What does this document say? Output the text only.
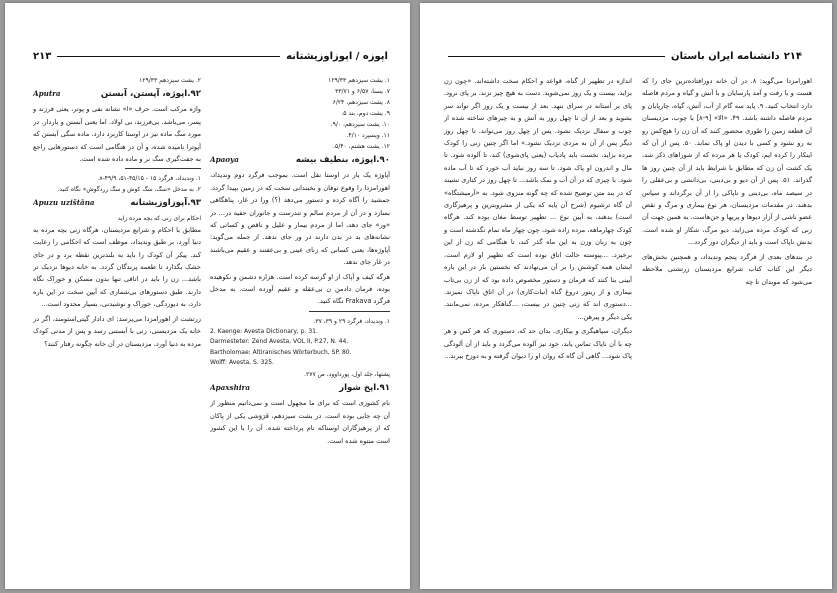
اپوزه / اپوزاوزیشتانه
۲۱۳

۱. یشت سیزدهم ۱۲۹/۳۳

۷. یسنا، ۶/۵۷ و ۳۳/۷۱

۸. یشت سیزدهم، ۶/۲۴

۹. یشت دوم، بند ۵.

۱۰. یشت سیزدهم، ۹/۰.

۱۱. ویسپرد ۴/۱۰.

۱۲. یشت هشتم، ۵/۴۰.

۹۰.اپوژه، بنطیف بیشه
Apaoya

آپاوژه یک بار در اوستا نقل است. بموجب فرگرد دوم وندیداد، اهورامزدا را وقوع توفان و بخبندانی سخت که در زمین بپیدا گردد. جمشید را آگاه کرده و دستور می‌دهد (؟) ورا در غار، پناهگاهی بسازد و در آن از مردم سالم و تندرست و جانوران حفیه در... در «ور» جای دهد، اما از مردم بیمار و علیل و ناقص و کسانی که نشانه‌های بد در بدن دارند در ور جای ندهد. از جمله می‌گوید: آپاوژه‌ها، یعنی کسانی که زنای عینی و بی‌عفتند و عقیم می‌باشند در غار جای ندهد.

هرگه کیف و آپاک از او گرسه کرده است. هزاره دشمن و نکوهیده بوده، فرمان دادمن ن بی‌عقله و عقیم آورده است. به مدخل فرگرد Frakava نگاه کنید.

۱. وندیداد، فرگرد ۲۹ و ۳۹، ۳۷.

2. Kaenge: Avesta Dictionary, p. 31.

Darmesteter: Zend Avesta, VOL II, P.27, N. 44.

Bartholomae: Altiranisches Wörterbuch, SP. 80.

Wolff: Avesta, S. 325.

پشتها، جلد اول، پورداوود، ص ۲۷۷.

۹۱.اپخ شوار
Apaxshira

نام کشوری است که برای ما مجهول است و نمی‌دانیم منظور از آن چه جایی بوده است. در یشت سیزدهم، فَرَوَشی یکی از پاکان که از پرهیزگاران اوستاکه نام پرداخته شده. آن را با این کشور است منتوه شده است.

۲. یشت سیزدهم ۱۲۹/۳۳

۹۲.اپوژه، آپستن، آبستن
Aputra

واژه مرکب است. حرف «ا» نشانه نفی و پوتر، یعنی فرزند و پسر، می‌باشد. بی‌فرزند، بی اولاد. اما یعنی آبستن و باردار. در مورد سگ ماده نیز در اوستا کاربرد دارد. ماده سگی آبستن که آپوترا نامیده شده، و آن در هنگامی است که دستورهایی راجع به جفت‌گیری سگ نر و ماده داده شده است.

۱. وندیداد، فرگرد ۱۵ - ۴۵/۱۵-۵۱، ۴۹/۹-۸.

۲. به مدخل «سگ، سگ کوش و سگ زردگوش» نگاه کنید.

۹۳.آپوزاوزیشتانه
Apuzu uzištāna

احکام برای زنی که بچه مرده زاید

مطابق با احکام و شرایع مزدیسنان، هرگاه زنی بچه مرده به دنیا آورد، بر طبق وندیداد، موظف است که احکامی را رعایت کند. پیکر آن کودک را باید به بلندترین نقطه برد و در جای خشک بگذارد تا طعمه پرندگان گردد. به خانه دیوها نزدیک تر باشد... زن را باید در اتاقی تنها بدون مسکن و خوراک نگاه دارند. طبق دستورهای بی‌شماری که آیین سخت در این باره دارد، به دیوزدگی، خوراک و نوشیدنی، بسیار محدود است...

زرتشت از اهورامزدا می‌پرسد: ای دادار گیتی‌استومند، اگر در خانه یک مزدیسنی، زنی با آبستنی رسد و پس از مدتی کودک مرده به دنیا آورد، مزدیسنان در آن خانه چگونه رفتار کنند؟

۲۱۴
دانشنامه ایران باستان

اهورامزدا می‌گوید: ۸. در آن خانه دورافتاده‌ترین جای را که هست و با رفت و آمد پارسایان و با آتش و گیاه و مردم فاصله دارد انتخاب کنید. ۹. پاید سه گام از آب، آتش، گیاه، چارپایان و مردم فاصله داشته باشد. ۴۹. «الا» [۹-۸] با چوب، مزدیسنان آن قطعه زمین را طوری محصور کنند که آن زن را هیچ‌کس رو به رو نشود و کسی با دیدن او پاک نماند. ۵۰. پس از آن که اینکار را کرده ایم، کودک یا هر مرده که از شوراهای ذکر شد، یک کشت آن زن که مطابق با شرایط باید از آن چنین روز ها گذراند. ۵۱. پس از آن دیو و بی‌دینی، بی‌دانشی و بی‌عقلی را در سیصد ماه، بی‌دینی و ناپاکی را از آن برگرداند و سپاس بدهند. در مقدمات مزدیسنان، هر نوع بیماری و مرگ و نقص عضو ناشی از آزار دیوها و پریها و جن‌هاست. به همین جهت آن زنی که کودک مرده می‌زاید، دیو مرگ، شکار او شده است. بدنش ناپاک است و باید از دیگران دور گردد...

در بندهای بعدی از فرگرد پنجم وندیداد، و همچنین بخش‌های دیگر این کتاب کتاب شرایع مزدیسنان زرتشتی ملاحظه می‌شود که موبدان تا چه

اندازه در تطهیر از گناه، قواعد و احکام سخت داشته‌اند. «چون زن بزاید، بیست و یک روز نمی‌شوید. دست به هیچ چیز نزند. بر پای نرود. پای بر آستانه در سرای ننهد. بعد از بیست و یک روز اگر تواند سر بشوید و بعد از آن تا چهل روز به آتش و به چیزهای ساخته شده از چوب و سفال نزدیک نشود. پس از چهل روز می‌تواند. تا چهل روز دیگر پس از آن به مردی نزدیک نشود.» اما اگر چنین زنی را کودک مرده بزاید، نخست باید پادیاب (یعنی پای‌شوی) کند، تا آلوده شود. تا مال و اندرون او پاک شود. تا سه روز نباید آب خورد که تا آب ماده شود. با چیزی که در آن آب و نمک باشد... تا چهل روز در کناری نشیند که در بند متن توضیح شده که چه گونه منزوی شود. به «آرمیشتگاه» آن گاه ترشیوم (شرح آن پایه که یکی از مشروبترین و پرهیزگاری است) بدهند، به آیین نوع ... تطهیر توسط مغان بوده کند. هرگاه کودک چهارماهه، مرده زاده شود، چون چهار ماه تمام نگذشته است و چون به زبان وزن به این ماه گذر کند، تا هنگامی که زن از این برخیزد. ...پیوسته حالت اتاق بوده است که تطهیر او لازم است. ایشان همه کوشش را بر آن می‌نهادند که نخستین بار در این باره آیینی بنا کنند که فرمان و دستور مخصوص داده بود که از زن بی‌تاب بیماری و از ریتور دروغ گناه (نبات‌کاری) در آن اتاق ناپاک نمیزند. ...دستوری اند که زنی چنین در بیست، ...گناهکار مرده، نمی‌مانند. یکی دیگر و پیرهن...

دیگران، سپاهیگری و بیکاری. بدان حد که، دستوری که هر کس و هر چه با آن ناپاک تماس یابد، خود نیز آلوده می‌گردد و باید از آن آلودگی پاک شود... گاهی آن گاه که روان او را دیوان گرفته و به دوزخ ببرند...
